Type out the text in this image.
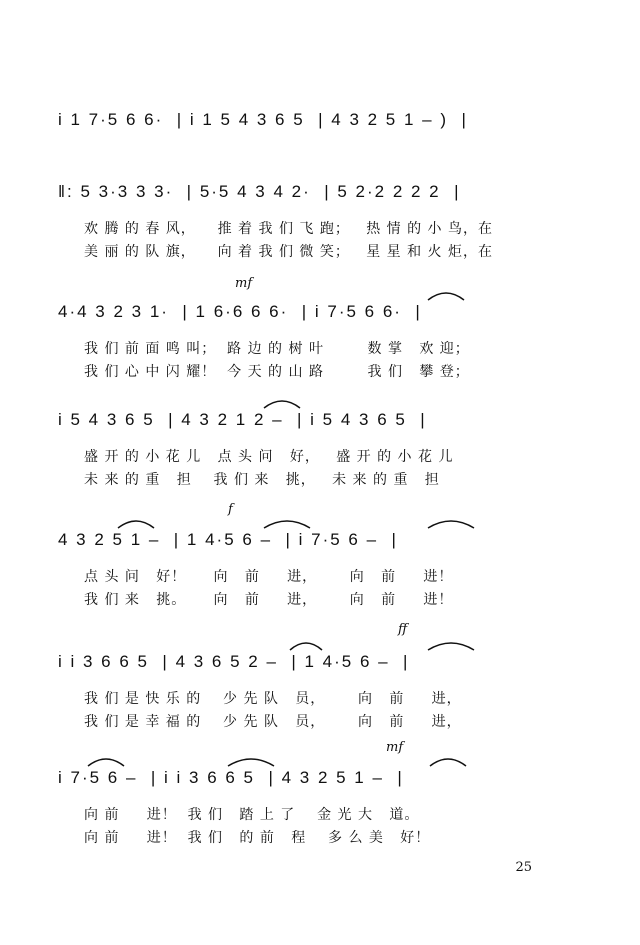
i 1 7·5 6 6·  | i 1 5 4 3 6 5  | 4 3 2 5 1 – )  |
‖: 5 3·3 3 3·  | 5·5 4 3 4 2·  | 5 2·2 2 2 2  |
欢 腾 的 春 风，    推 着 我 们 飞 跑；   热 情 的 小 鸟，在
美 丽 的 队 旗，    向 着 我 们 微 笑；   星 星 和 火 炬，在
mf
4·4 3 2 3 1·  | 1 6·6 6 6·  | i 7·5 6 6·  |
我 们 前 面 鸣 叫；  路 边 的 树 叶        数 掌   欢 迎；
我 们 心 中 闪 耀！  今 天 的 山 路        我 们   攀 登；
i 5 4 3 6 5  | 4 3 2 1 2 –  | i 5 4 3 6 5  |
盛 开 的 小 花 儿   点 头 问   好，   盛 开 的 小 花 儿
未 来 的 重   担    我 们 来   挑，   未 来 的 重   担
f
4 3 2 5 1 –  | 1 4·5 6 –  | i 7·5 6 –  |
点 头 问   好！     向   前     进，      向   前     进！
我 们 来   挑。     向   前     进，      向   前     进！
ff
i i 3 6 6 5  | 4 3 6 5 2 –  | 1 4·5 6 –  |
我 们 是 快 乐 的    少 先 队   员，      向   前     进，
我 们 是 幸 福 的    少 先 队   员，      向   前     进，
mf
i 7·5 6 –  | i i 3 6 6 5  | 4 3 2 5 1 –  |
向 前     进！  我 们   踏 上 了    金 光 大   道。
向 前     进！  我 们   的 前   程    多 么 美   好！
25
